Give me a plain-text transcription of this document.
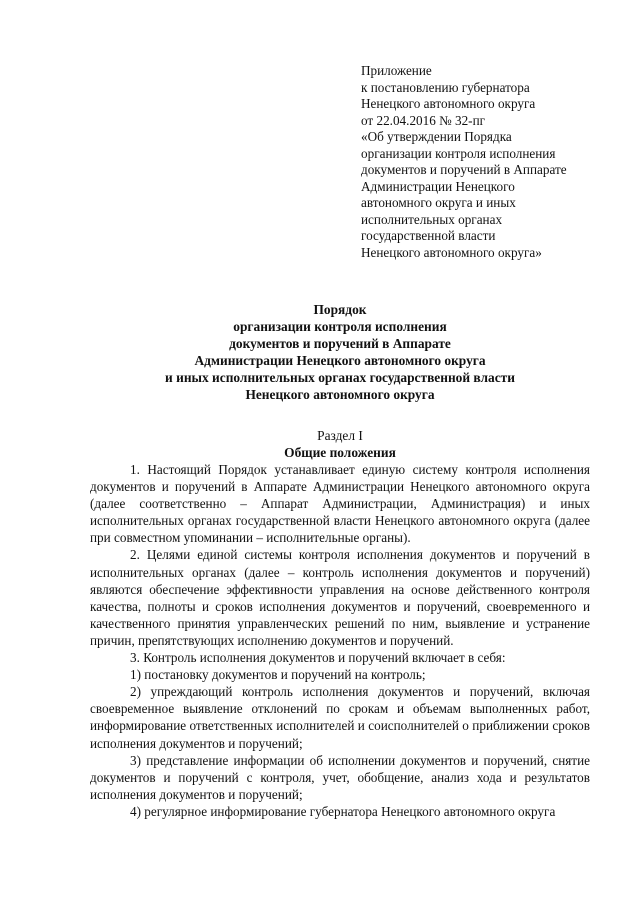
Приложение
к постановлению губернатора
Ненецкого автономного округа
от 22.04.2016 № 32-пг
«Об утверждении Порядка
организации контроля исполнения
документов и поручений в Аппарате
Администрации Ненецкого
автономного округа и иных
исполнительных органах
государственной власти
Ненецкого автономного округа»
Порядок
организации контроля исполнения
документов и поручений в Аппарате
Администрации Ненецкого автономного округа
и иных исполнительных органах государственной власти
Ненецкого автономного округа
Раздел I
Общие положения

1. Настоящий Порядок устанавливает единую систему контроля исполнения документов и поручений в Аппарате Администрации Ненецкого автономного округа (далее соответственно – Аппарат Администрации, Администрация) и иных исполнительных органах государственной власти Ненецкого автономного округа (далее при совместном упоминании – исполнительные органы).

2. Целями единой системы контроля исполнения документов и поручений в исполнительных органах (далее – контроль исполнения документов и поручений) являются обеспечение эффективности управления на основе действенного контроля качества, полноты и сроков исполнения документов и поручений, своевременного и качественного принятия управленческих решений по ним, выявление и устранение причин, препятствующих исполнению документов и поручений.

3. Контроль исполнения документов и поручений включает в себя:

1) постановку документов и поручений на контроль;

2) упреждающий контроль исполнения документов и поручений, включая своевременное выявление отклонений по срокам и объемам выполненных работ, информирование ответственных исполнителей и соисполнителей о приближении сроков исполнения документов и поручений;

3) представление информации об исполнении документов и поручений, снятие документов и поручений с контроля, учет, обобщение, анализ хода и результатов исполнения документов и поручений;

4) регулярное информирование губернатора Ненецкого автономного округа
